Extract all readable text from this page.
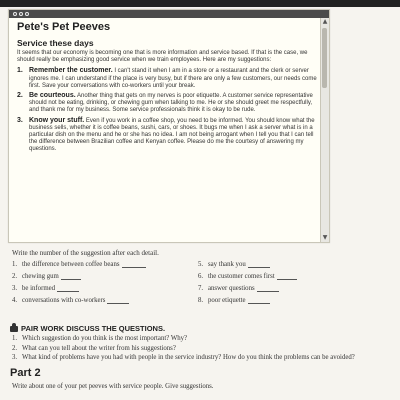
Pete's Pet Peeves
Service these days
It seems that our economy is becoming one that is more information and service based. If that is the case, we should really be emphasizing good service when we train employees. Here are my suggestions:
1. Remember the customer. I can't stand it when I am in a store or a restaurant and the clerk or server ignores me. I can understand if the place is very busy, but if there are only a few customers, our needs come first. Save your conversations with co-workers until your break.
2. Be courteous. Another thing that gets on my nerves is poor etiquette. A customer service representative should not be eating, drinking, or chewing gum when talking to me. He or she should greet me respectfully, and thank me for my business. Some service professionals think it is okay to be rude.
3. Know your stuff. Even if you work in a coffee shop, you need to be informed. You should know what the business sells, whether it is coffee beans, sushi, cars, or shoes. It bugs me when I ask a server what is in a particular dish on the menu and he or she has no idea. I am not being arrogant when I tell you that I can tell the difference between Brazilian coffee and Kenyan coffee. Please do me the courtesy of answering my questions.
▲
▼
Write the number of the suggestion after each detail.
1. the difference between coffee beans	5. say thank you
2. chewing gum	6. the customer comes first
3. be informed	7. answer questions
4. conversations with co-workers	8. poor etiquette
PAIR WORK DISCUSS THE QUESTIONS.
1. Which suggestion do you think is the most important? Why?
2. What can you tell about the writer from his suggestions?
3. What kind of problems have you had with people in the service industry? How do you think the problems can be avoided?
Part 2
Write about one of your pet peeves with service people. Give suggestions.
